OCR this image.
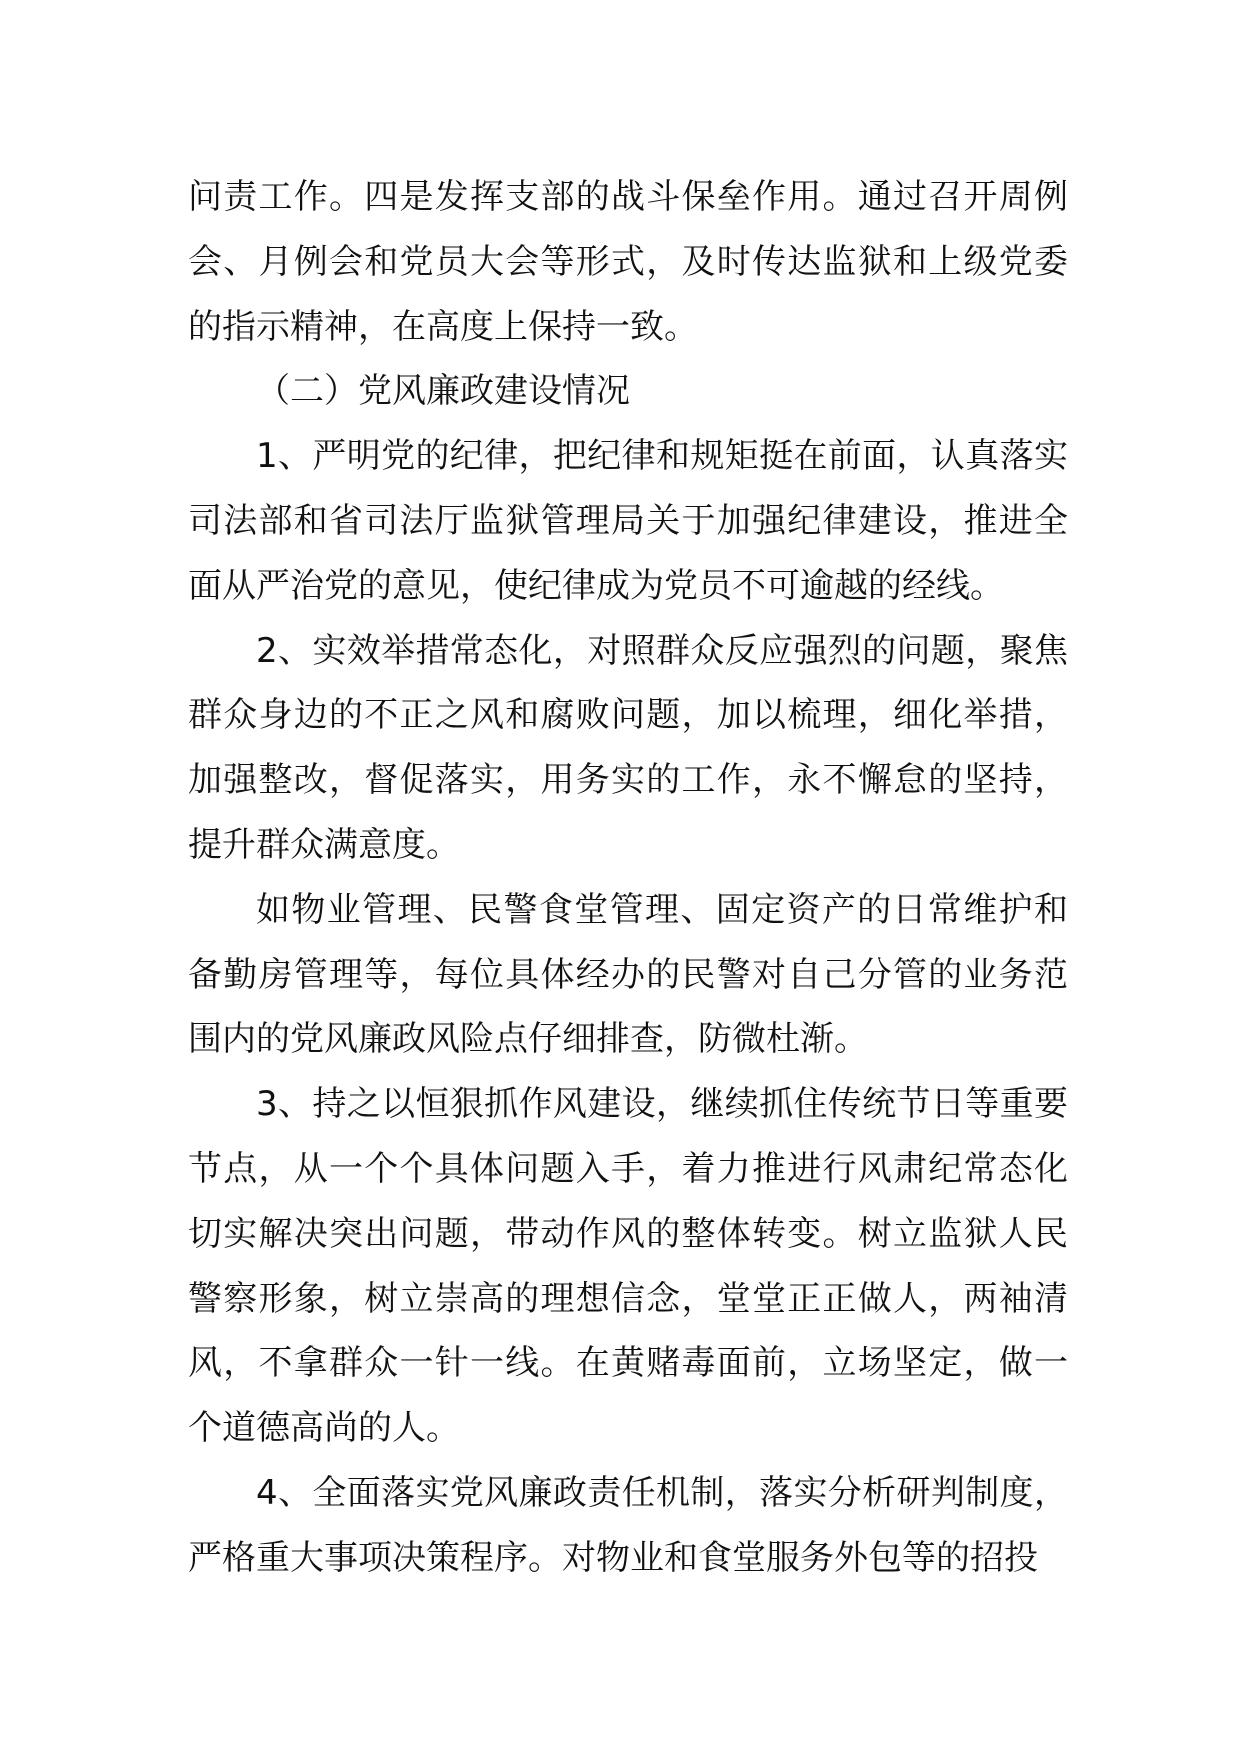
问责工作。四是发挥支部的战斗保垒作用。通过召开周例会、月例会和党员大会等形式，及时传达监狱和上级党委的指示精神，在高度上保持一致。

（二）党风廉政建设情况

1、严明党的纪律，把纪律和规矩挺在前面，认真落实司法部和省司法厅监狱管理局关于加强纪律建设，推进全面从严治党的意见，使纪律成为党员不可逾越的经线。

2、实效举措常态化，对照群众反应强烈的问题，聚焦群众身边的不正之风和腐败问题，加以梳理，细化举措，加强整改，督促落实，用务实的工作，永不懈怠的坚持，提升群众满意度。

如物业管理、民警食堂管理、固定资产的日常维护和备勤房管理等，每位具体经办的民警对自己分管的业务范围内的党风廉政风险点仔细排查，防微杜渐。

3、持之以恒狠抓作风建设，继续抓住传统节日等重要节点，从一个个具体问题入手，着力推进行风肃纪常态化切实解决突出问题，带动作风的整体转变。树立监狱人民警察形象，树立崇高的理想信念，堂堂正正做人，两袖清风，不拿群众一针一线。在黄赌毒面前，立场坚定，做一个道德高尚的人。

4、全面落实党风廉政责任机制，落实分析研判制度，严格重大事项决策程序。对物业和食堂服务外包等的招投
